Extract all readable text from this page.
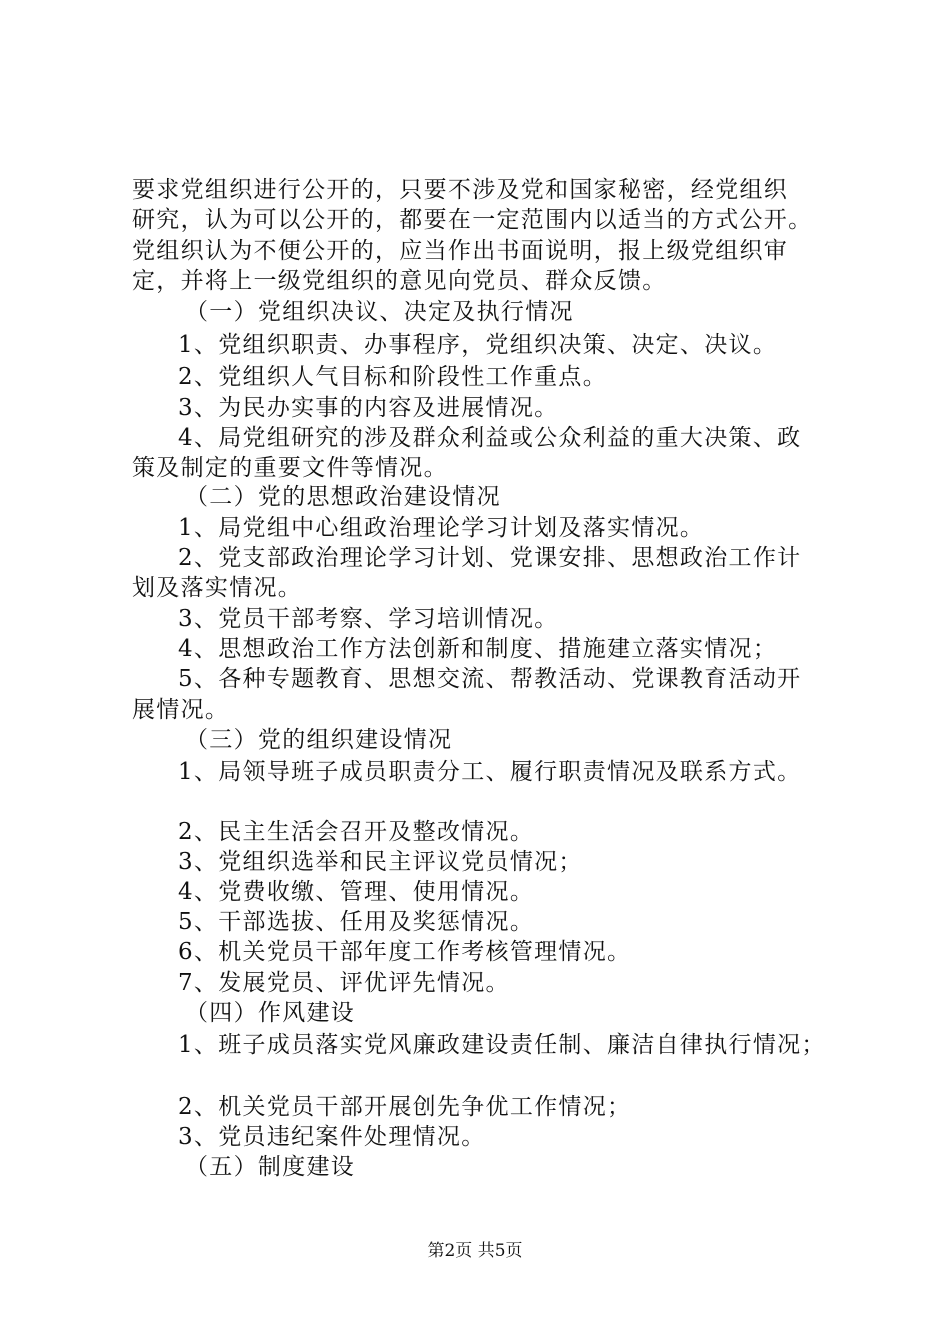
要求党组织进行公开的，只要不涉及党和国家秘密，经党组织
研究，认为可以公开的，都要在一定范围内以适当的方式公开。
党组织认为不便公开的，应当作出书面说明，报上级党组织审
定，并将上一级党组织的意见向党员、群众反馈。
（一）党组织决议、决定及执行情况
1、党组织职责、办事程序，党组织决策、决定、决议。
2、党组织人气目标和阶段性工作重点。
3、为民办实事的内容及进展情况。
4、局党组研究的涉及群众利益或公众利益的重大决策、政
策及制定的重要文件等情况。
（二）党的思想政治建设情况
1、局党组中心组政治理论学习计划及落实情况。
2、党支部政治理论学习计划、党课安排、思想政治工作计
划及落实情况。
3、党员干部考察、学习培训情况。
4、思想政治工作方法创新和制度、措施建立落实情况；
5、各种专题教育、思想交流、帮教活动、党课教育活动开
展情况。
（三）党的组织建设情况
1、局领导班子成员职责分工、履行职责情况及联系方式。
2、民主生活会召开及整改情况。
3、党组织选举和民主评议党员情况；
4、党费收缴、管理、使用情况。
5、干部选拔、任用及奖惩情况。
6、机关党员干部年度工作考核管理情况。
7、发展党员、评优评先情况。
（四）作风建设
1、班子成员落实党风廉政建设责任制、廉洁自律执行情况；
2、机关党员干部开展创先争优工作情况；
3、党员违纪案件处理情况。
（五）制度建设
第2页 共5页
